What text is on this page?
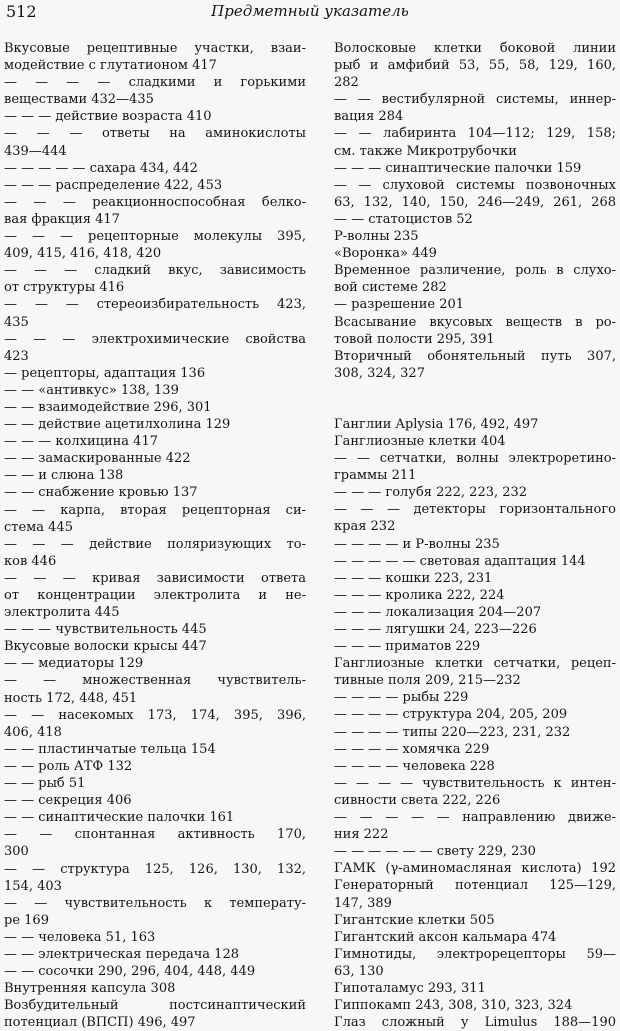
Предметный указатель
512
Вкусовые рецептивные участки, взаи-
модействие с глутатионом 417
— — — — сладкими и горькими
веществами 432—435
— — — действие возраста 410
— — — ответы на аминокислоты
439—444
— — — — — сахара 434, 442
— — — распределение 422, 453
— — — реакционноспособная белко-
вая фракция 417
— — — рецепторные молекулы 395,
409, 415, 416, 418, 420
— — — сладкий вкус, зависимость
от структуры 416
— — — стереоизбирательность 423,
435
— — — электрохимические свойства
423
— рецепторы, адаптация 136
— — «антивкус» 138, 139
— — взаимодействие 296, 301
— — действие ацетилхолина 129
— — — колхицина 417
— — замаскированные 422
— — и слюна 138
— — снабжение кровью 137
— — карпа, вторая рецепторная си-
стема 445
— — — действие поляризующих то-
ков 446
— — — кривая зависимости ответа
от концентрации электролита и не-
электролита 445
— — — чувствительность 445
Вкусовые волоски крысы 447
— — медиаторы 129
— — множественная чувствитель-
ность 172, 448, 451
— — насекомых 173, 174, 395, 396,
406, 418
— — пластинчатые тельца 154
— — роль АТФ 132
— — рыб 51
— — секреция 406
— — синаптические палочки 161
— — спонтанная активность 170,
300
— — структура 125, 126, 130, 132,
154, 403
— — чувствительность к температу-
ре 169
— — человека 51, 163
— — электрическая передача 128
— — сосочки 290, 296, 404, 448, 449
Внутренняя капсула 308
Возбудительный постсинаптический
потенциал (ВПСП) 496, 497
Волосковые клетки боковой линии
рыб и амфибий 53, 55, 58, 129, 160,
282
— — вестибулярной системы, иннер-
вация 284
— — лабиринта 104—112; 129, 158;
см. также Микротрубочки
— — — синаптические палочки 159
— — слуховой системы позвоночных
63, 132, 140, 150, 246—249, 261, 268
— — статоцистов 52
Р-волны 235
«Воронка» 449
Временное различение, роль в слухо-
вой системе 282
— разрешение 201
Всасывание вкусовых веществ в ро-
товой полости 295, 391
Вторичный обонятельный путь 307,
308, 324, 327
Ганглии Aplysia 176, 492, 497
Ганглиозные клетки 404
— — сетчатки, волны электроретино-
граммы 211
— — — голубя 222, 223, 232
— — — детекторы горизонтального
края 232
— — — — и Р-волны 235
— — — — — световая адаптация 144
— — — кошки 223, 231
— — — кролика 222, 224
— — — локализация 204—207
— — — лягушки 24, 223—226
— — — приматов 229
Ганглиозные клетки сетчатки, рецеп-
тивные поля 209, 215—232
— — — — рыбы 229
— — — — структура 204, 205, 209
— — — — типы 220—223, 231, 232
— — — — хомячка 229
— — — — человека 228
— — — — чувствительность к интен-
сивности света 222, 226
— — — — — направлению движе-
ния 222
— — — — — — свету 229, 230
ГАМК (γ-аминомасляная кислота) 192
Генераторный потенциал 125—129,
147, 389
Гигантские клетки 505
Гигантский аксон кальмара 474
Гимнотиды, электрорецепторы 59—
63, 130
Гипоталамус 293, 311
Гиппокамп 243, 308, 310, 323, 324
Глаз сложный у Limulus 188—190
